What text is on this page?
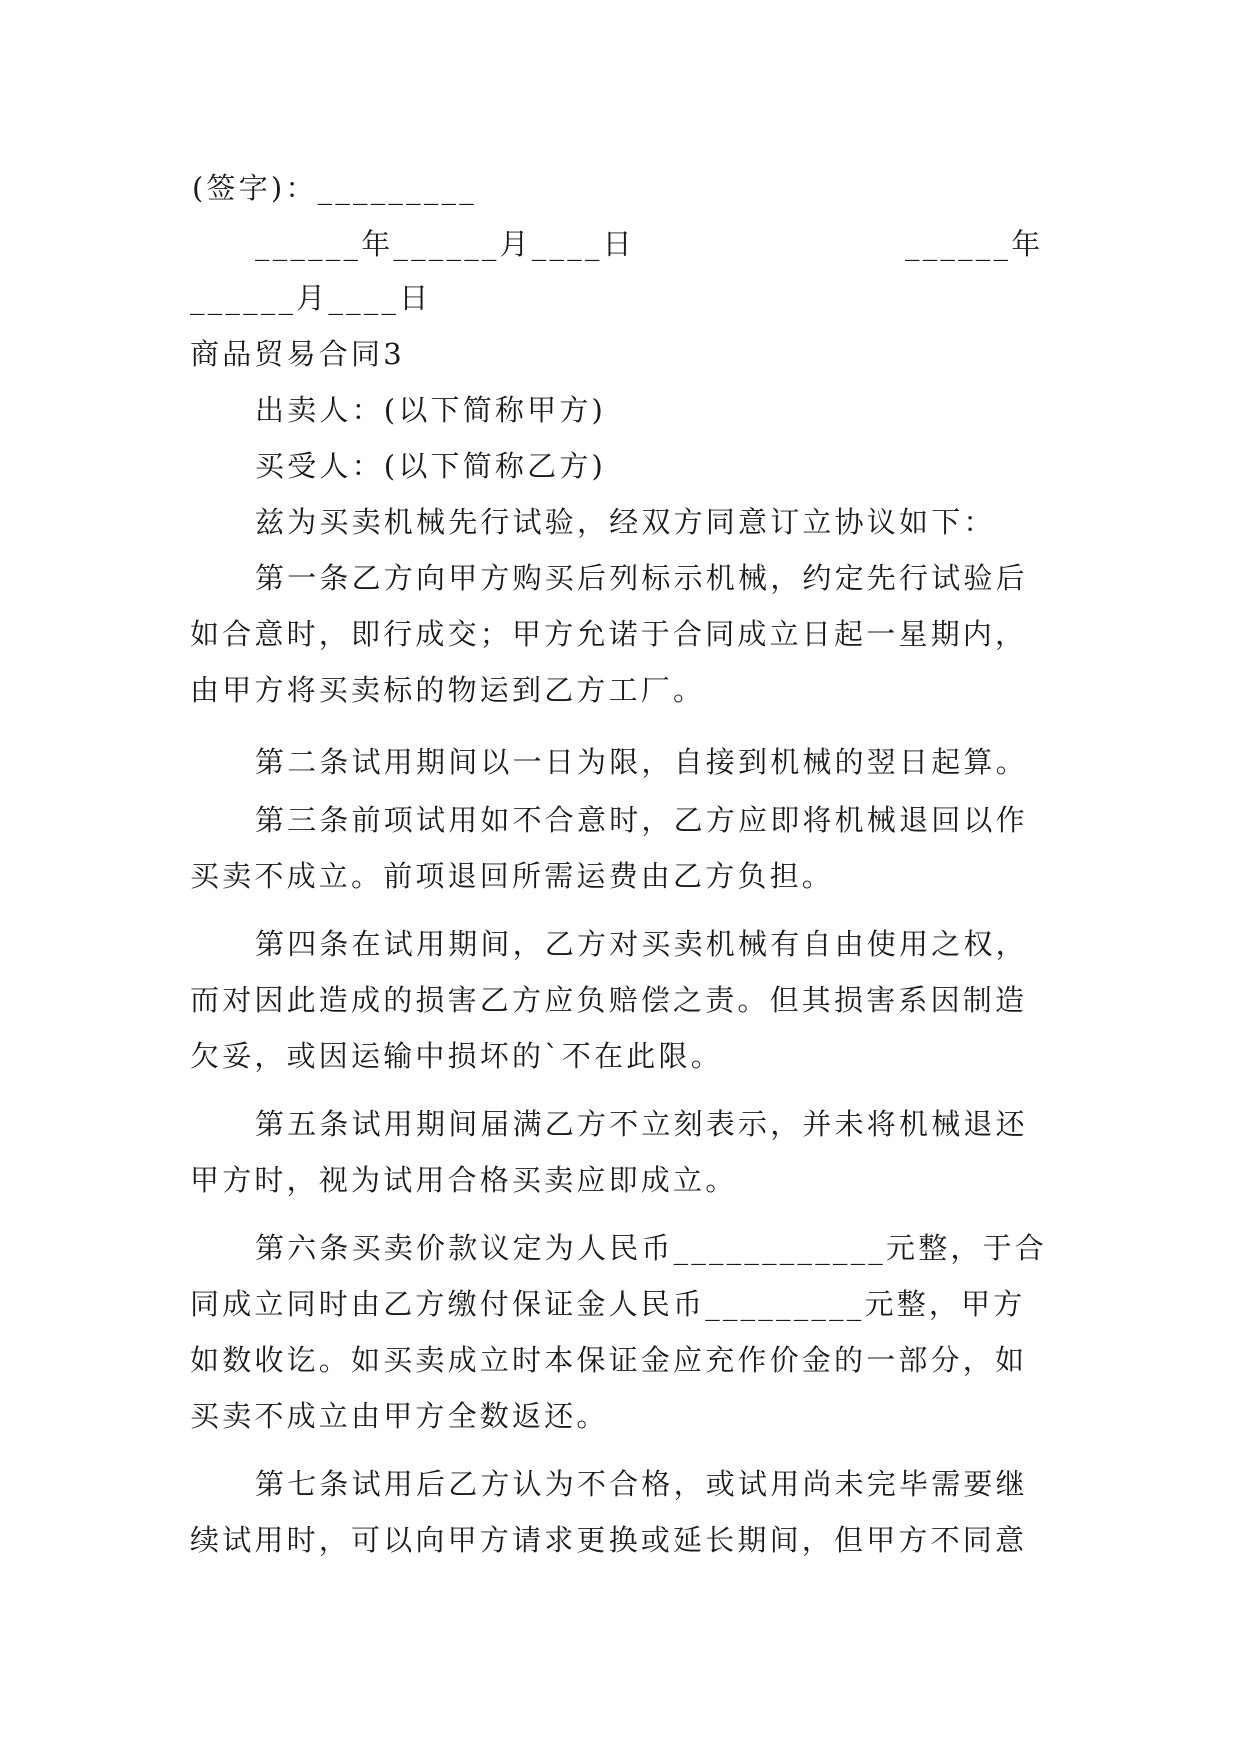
(签字)：_________
______年______月____日	______年
______月____日
商品贸易合同3
出卖人：(以下简称甲方)
买受人：(以下简称乙方)
兹为买卖机械先行试验，经双方同意订立协议如下：
第一条乙方向甲方购买后列标示机械，约定先行试验后
如合意时，即行成交；甲方允诺于合同成立日起一星期内，
由甲方将买卖标的物运到乙方工厂。
第二条试用期间以一日为限，自接到机械的翌日起算。
第三条前项试用如不合意时，乙方应即将机械退回以作
买卖不成立。前项退回所需运费由乙方负担。
第四条在试用期间，乙方对买卖机械有自由使用之权，
而对因此造成的损害乙方应负赔偿之责。但其损害系因制造
欠妥，或因运输中损坏的`不在此限。
第五条试用期间届满乙方不立刻表示，并未将机械退还
甲方时，视为试用合格买卖应即成立。
第六条买卖价款议定为人民币____________元整，于合
同成立同时由乙方缴付保证金人民币_________元整，甲方
如数收讫。如买卖成立时本保证金应充作价金的一部分，如
买卖不成立由甲方全数返还。
第七条试用后乙方认为不合格，或试用尚未完毕需要继
续试用时，可以向甲方请求更换或延长期间，但甲方不同意
